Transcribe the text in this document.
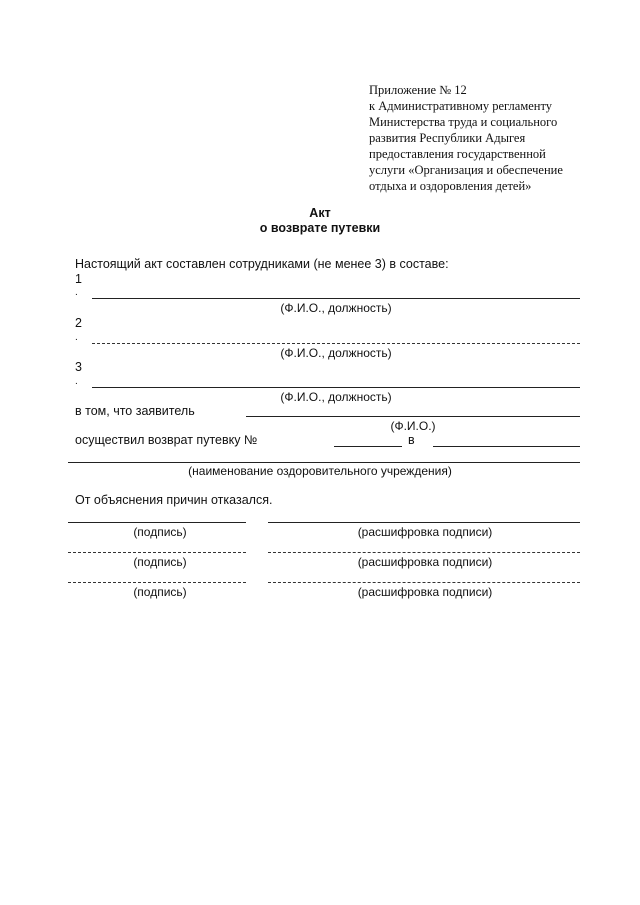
Приложение № 12
к Административному регламенту
Министерства труда и социального
развития Республики Адыгея
предоставления государственной
услуги «Организация и обеспечение
отдыха и оздоровления детей»
Акт
о возврате путевки
Настоящий акт составлен сотрудниками (не менее 3) в составе:
1
.
(Ф.И.О., должность)
2
.
(Ф.И.О., должность)
3
.
(Ф.И.О., должность)
в том, что заявитель
(Ф.И.О.)
осуществил возврат путевку №	в
(наименование оздоровительного учреждения)
От объяснения причин отказался.
(подпись)	(расшифровка подписи)
(подпись)	(расшифровка подписи)
(подпись)	(расшифровка подписи)
